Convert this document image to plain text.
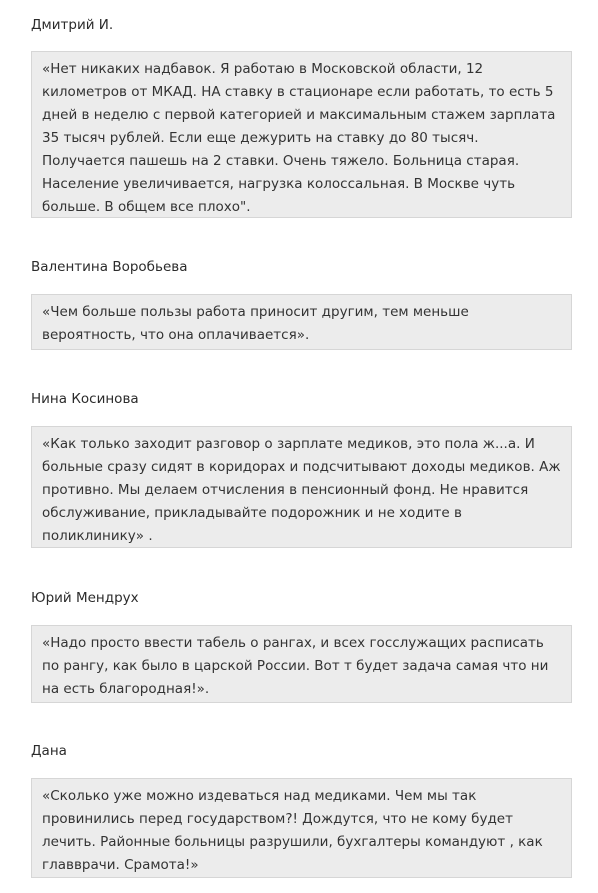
Дмитрий И.

«Нет никаких надбавок. Я работаю в Московской области, 12 километров от МКАД. НА ставку в стационаре если работать, то есть 5 дней в неделю с первой категорией и максимальным стажем зарплата 35 тысяч рублей. Если еще дежурить на ставку до 80 тысяч. Получается пашешь на 2 ставки. Очень тяжело. Больница старая. Население увеличивается, нагрузка колоссальная. В Москве чуть больше. В общем все плохо".

Валентина Воробьева

«Чем больше пользы работа приносит другим, тем меньше вероятность, что она оплачивается».

Нина Косинова

«Как только заходит разговор о зарплате медиков, это пола ж...а. И больные сразу сидят в коридорах и подсчитывают доходы медиков. Аж противно. Мы делаем отчисления в пенсионный фонд. Не нравится обслуживание, прикладывайте подорожник и не ходите в поликлинику» .

Юрий Мендрух

«Надо просто ввести табель о рангах, и всех госслужащих расписать по рангу, как было в царской России. Вот т будет задача самая что ни на есть благородная!».

Дана

«Сколько уже можно издеваться над медиками. Чем мы так провинились перед государством?! Дождутся, что не кому будет лечить. Районные больницы разрушили, бухгалтеры командуют , как главврачи. Срамота!»
